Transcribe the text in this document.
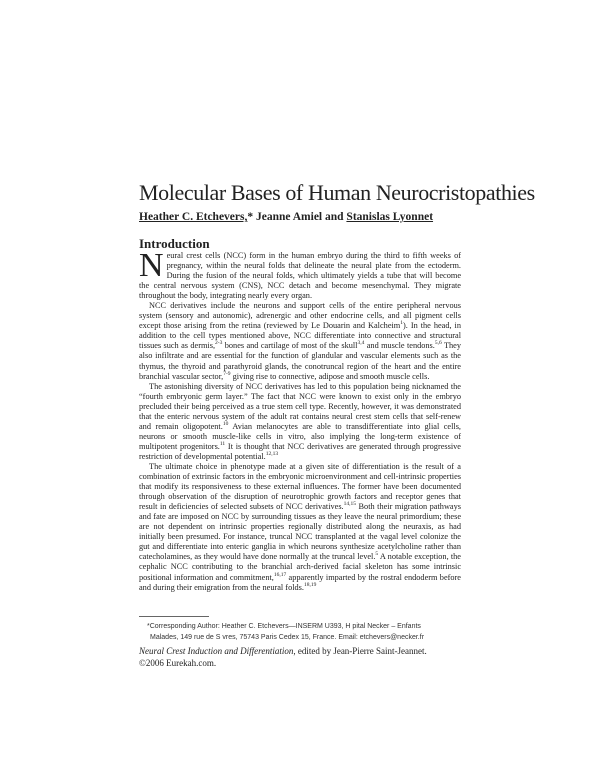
Molecular Bases of Human Neurocristopathies
Heather C. Etchevers,* Jeanne Amiel and Stanislas Lyonnet
Introduction

Neural crest cells (NCC) form in the human embryo during the third to fifth weeks of pregnancy, within the neural folds that delineate the neural plate from the ectoderm. During the fusion of the neural folds, which ultimately yields a tube that will become the central nervous system (CNS), NCC detach and become mesenchymal. They migrate throughout the body, integrating nearly every organ.

NCC derivatives include the neurons and support cells of the entire peripheral nervous system (sensory and autonomic), adrenergic and other endocrine cells, and all pigment cells except those arising from the retina (reviewed by Le Douarin and Kalcheim$^1$). In the head, in addition to the cell types mentioned above, NCC differentiate into connective and structural tissues such as dermis,$^{2-3}$ bones and cartilage of most of the skull$^{3,4}$ and muscle tendons.$^{5,6}$ They also infiltrate and are essential for the function of glandular and vascular elements such as the thymus, the thyroid and parathyroid glands, the conotruncal region of the heart and the entire branchial vascular sector,$^{7-9}$ giving rise to connective, adipose and smooth muscle cells.

The astonishing diversity of NCC derivatives has led to this population being nicknamed the “fourth embryonic germ layer.” The fact that NCC were known to exist only in the embryo precluded their being perceived as a true stem cell type. Recently, however, it was demonstrated that the enteric nervous system of the adult rat contains neural crest stem cells that self-renew and remain oligopotent.$^{10}$ Avian melanocytes are able to transdifferentiate into glial cells, neurons or smooth muscle-like cells in vitro, also implying the long-term existence of multipotent progenitors.$^{11}$ It is thought that NCC derivatives are generated through progressive restriction of developmental potential.$^{12,13}$

The ultimate choice in phenotype made at a given site of differentiation is the result of a combination of extrinsic factors in the embryonic microenvironment and cell-intrinsic properties that modify its responsiveness to these external influences. The former have been documented through observation of the disruption of neurotrophic growth factors and receptor genes that result in deficiencies of selected subsets of NCC derivatives.$^{14,15}$ Both their migration pathways and fate are imposed on NCC by surrounding tissues as they leave the neural primordium; these are not dependent on intrinsic properties regionally distributed along the neuraxis, as had initially been presumed. For instance, truncal NCC transplanted at the vagal level colonize the gut and differentiate into enteric ganglia in which neurons synthesize acetylcholine rather than catecholamines, as they would have done normally at the truncal level.$^5$ A notable exception, the cephalic NCC contributing to the branchial arch-derived facial skeleton has some intrinsic positional information and commitment,$^{16,17}$ apparently imparted by the rostral endoderm before and during their emigration from the neural folds.$^{18,19}$

*Corresponding Author: Heather C. Etchevers—INSERM U393, H pital Necker – Enfants
Malades, 149 rue de S vres, 75743 Paris Cedex 15, France. Email: etchevers@necker.fr
Neural Crest Induction and Differentiation, edited by Jean-Pierre Saint-Jeannet.
©2006 Eurekah.com.
